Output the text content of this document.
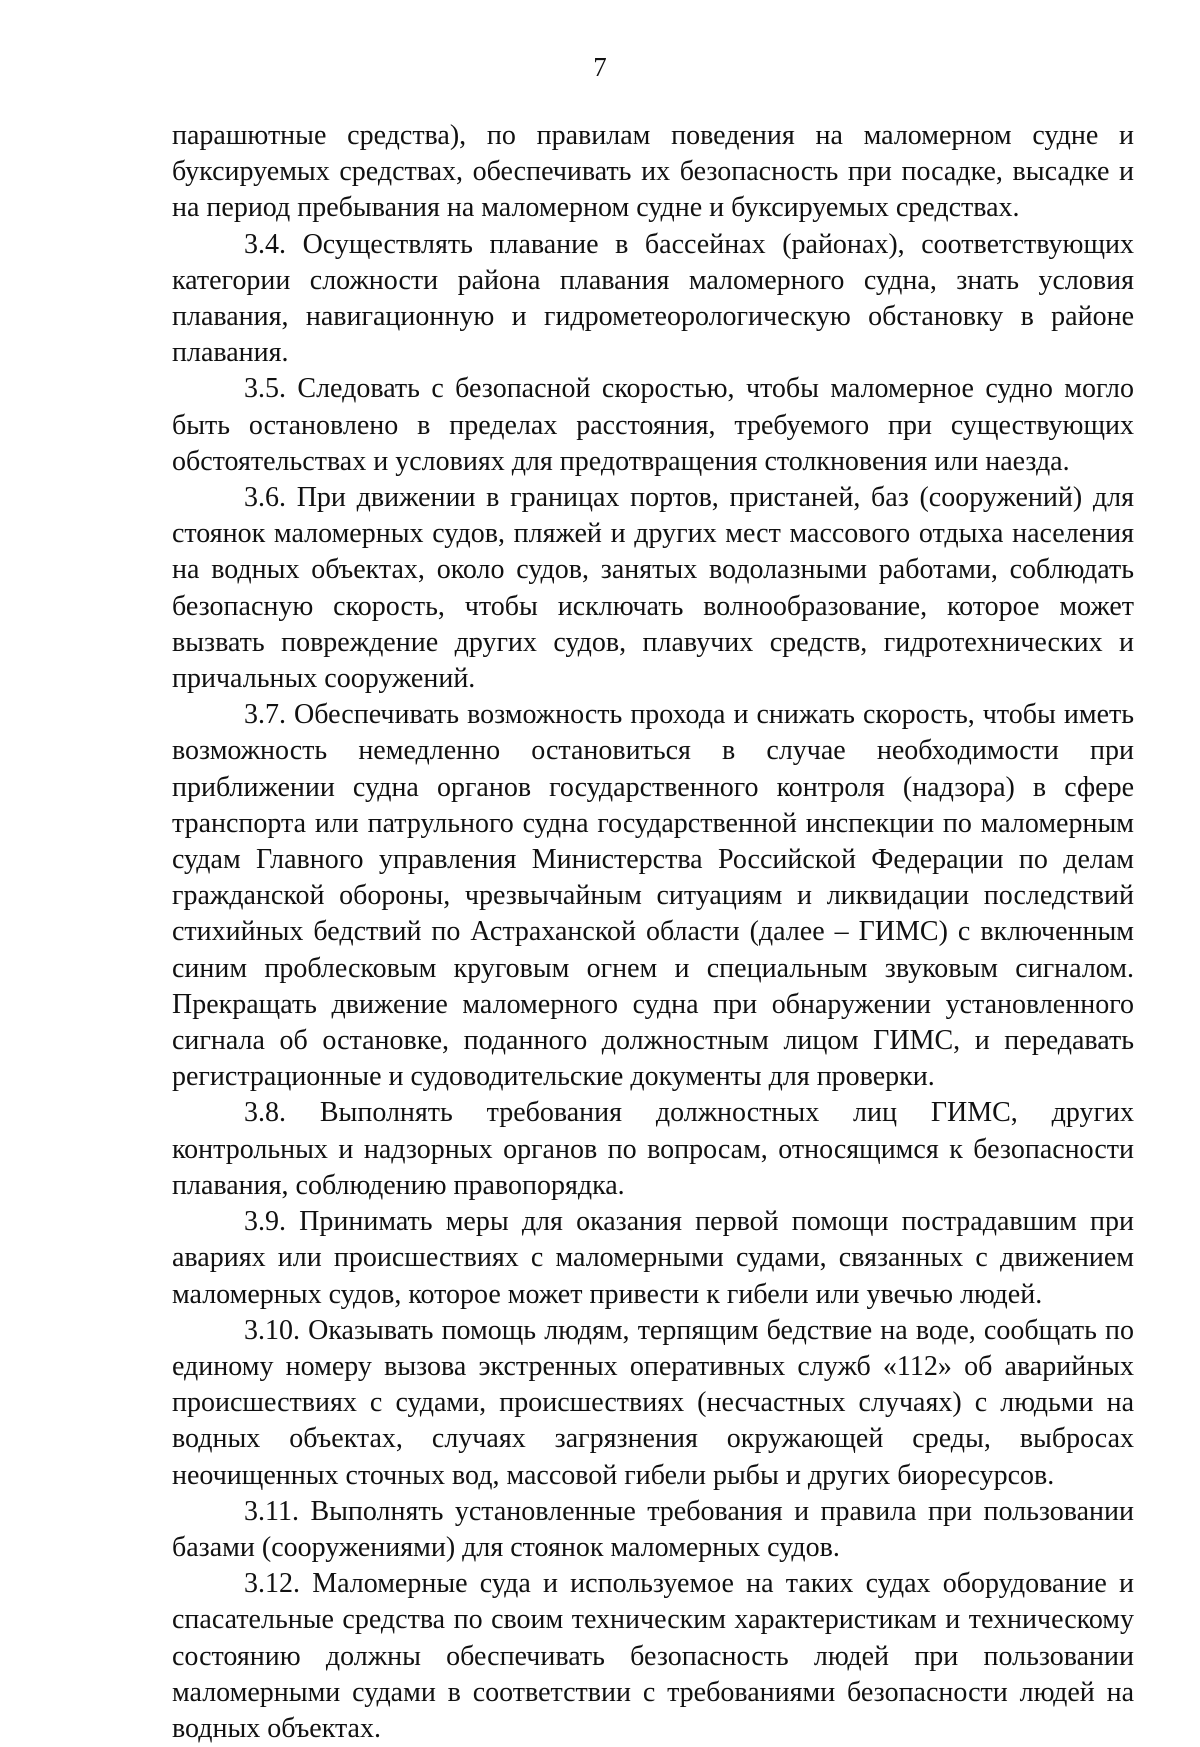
7

парашютные средства), по правилам поведения на маломерном судне и буксируемых средствах, обеспечивать их безопасность при посадке, высадке и на период пребывания на маломерном судне и буксируемых средствах.

3.4. Осуществлять плавание в бассейнах (районах), соответствующих категории сложности района плавания маломерного судна, знать условия плавания, навигационную и гидрометеорологическую обстановку в районе плавания.

3.5. Следовать с безопасной скоростью, чтобы маломерное судно могло быть остановлено в пределах расстояния, требуемого при существующих обстоятельствах и условиях для предотвращения столкновения или наезда.

3.6. При движении в границах портов, пристаней, баз (сооружений) для стоянок маломерных судов, пляжей и других мест массового отдыха населения на водных объектах, около судов, занятых водолазными работами, соблюдать безопасную скорость, чтобы исключать волнообразование, которое может вызвать повреждение других судов, плавучих средств, гидротехнических и причальных сооружений.

3.7. Обеспечивать возможность прохода и снижать скорость, чтобы иметь возможность немедленно остановиться в случае необходимости при приближении судна органов государственного контроля (надзора) в сфере транспорта или патрульного судна государственной инспекции по маломерным судам Главного управления Министерства Российской Федерации по делам гражданской обороны, чрезвычайным ситуациям и ликвидации последствий стихийных бедствий по Астраханской области (далее – ГИМС) с включенным синим проблесковым круговым огнем и специальным звуковым сигналом. Прекращать движение маломерного судна при обнаружении установленного сигнала об остановке, поданного должностным лицом ГИМС, и передавать регистрационные и судоводительские документы для проверки.

3.8. Выполнять требования должностных лиц ГИМС, других контрольных и надзорных органов по вопросам, относящимся к безопасности плавания, соблюдению правопорядка.

3.9. Принимать меры для оказания первой помощи пострадавшим при авариях или происшествиях с маломерными судами, связанных с движением маломерных судов, которое может привести к гибели или увечью людей.

3.10. Оказывать помощь людям, терпящим бедствие на воде, сообщать по единому номеру вызова экстренных оперативных служб «112» об аварийных происшествиях с судами, происшествиях (несчастных случаях) с людьми на водных объектах, случаях загрязнения окружающей среды, выбросах неочищенных сточных вод, массовой гибели рыбы и других биоресурсов.

3.11. Выполнять установленные требования и правила при пользовании базами (сооружениями) для стоянок маломерных судов.

3.12. Маломерные суда и используемое на таких судах оборудование и спасательные средства по своим техническим характеристикам и техническому состоянию должны обеспечивать безопасность людей при пользовании маломерными судами в соответствии с требованиями безопасности людей на водных объектах.
